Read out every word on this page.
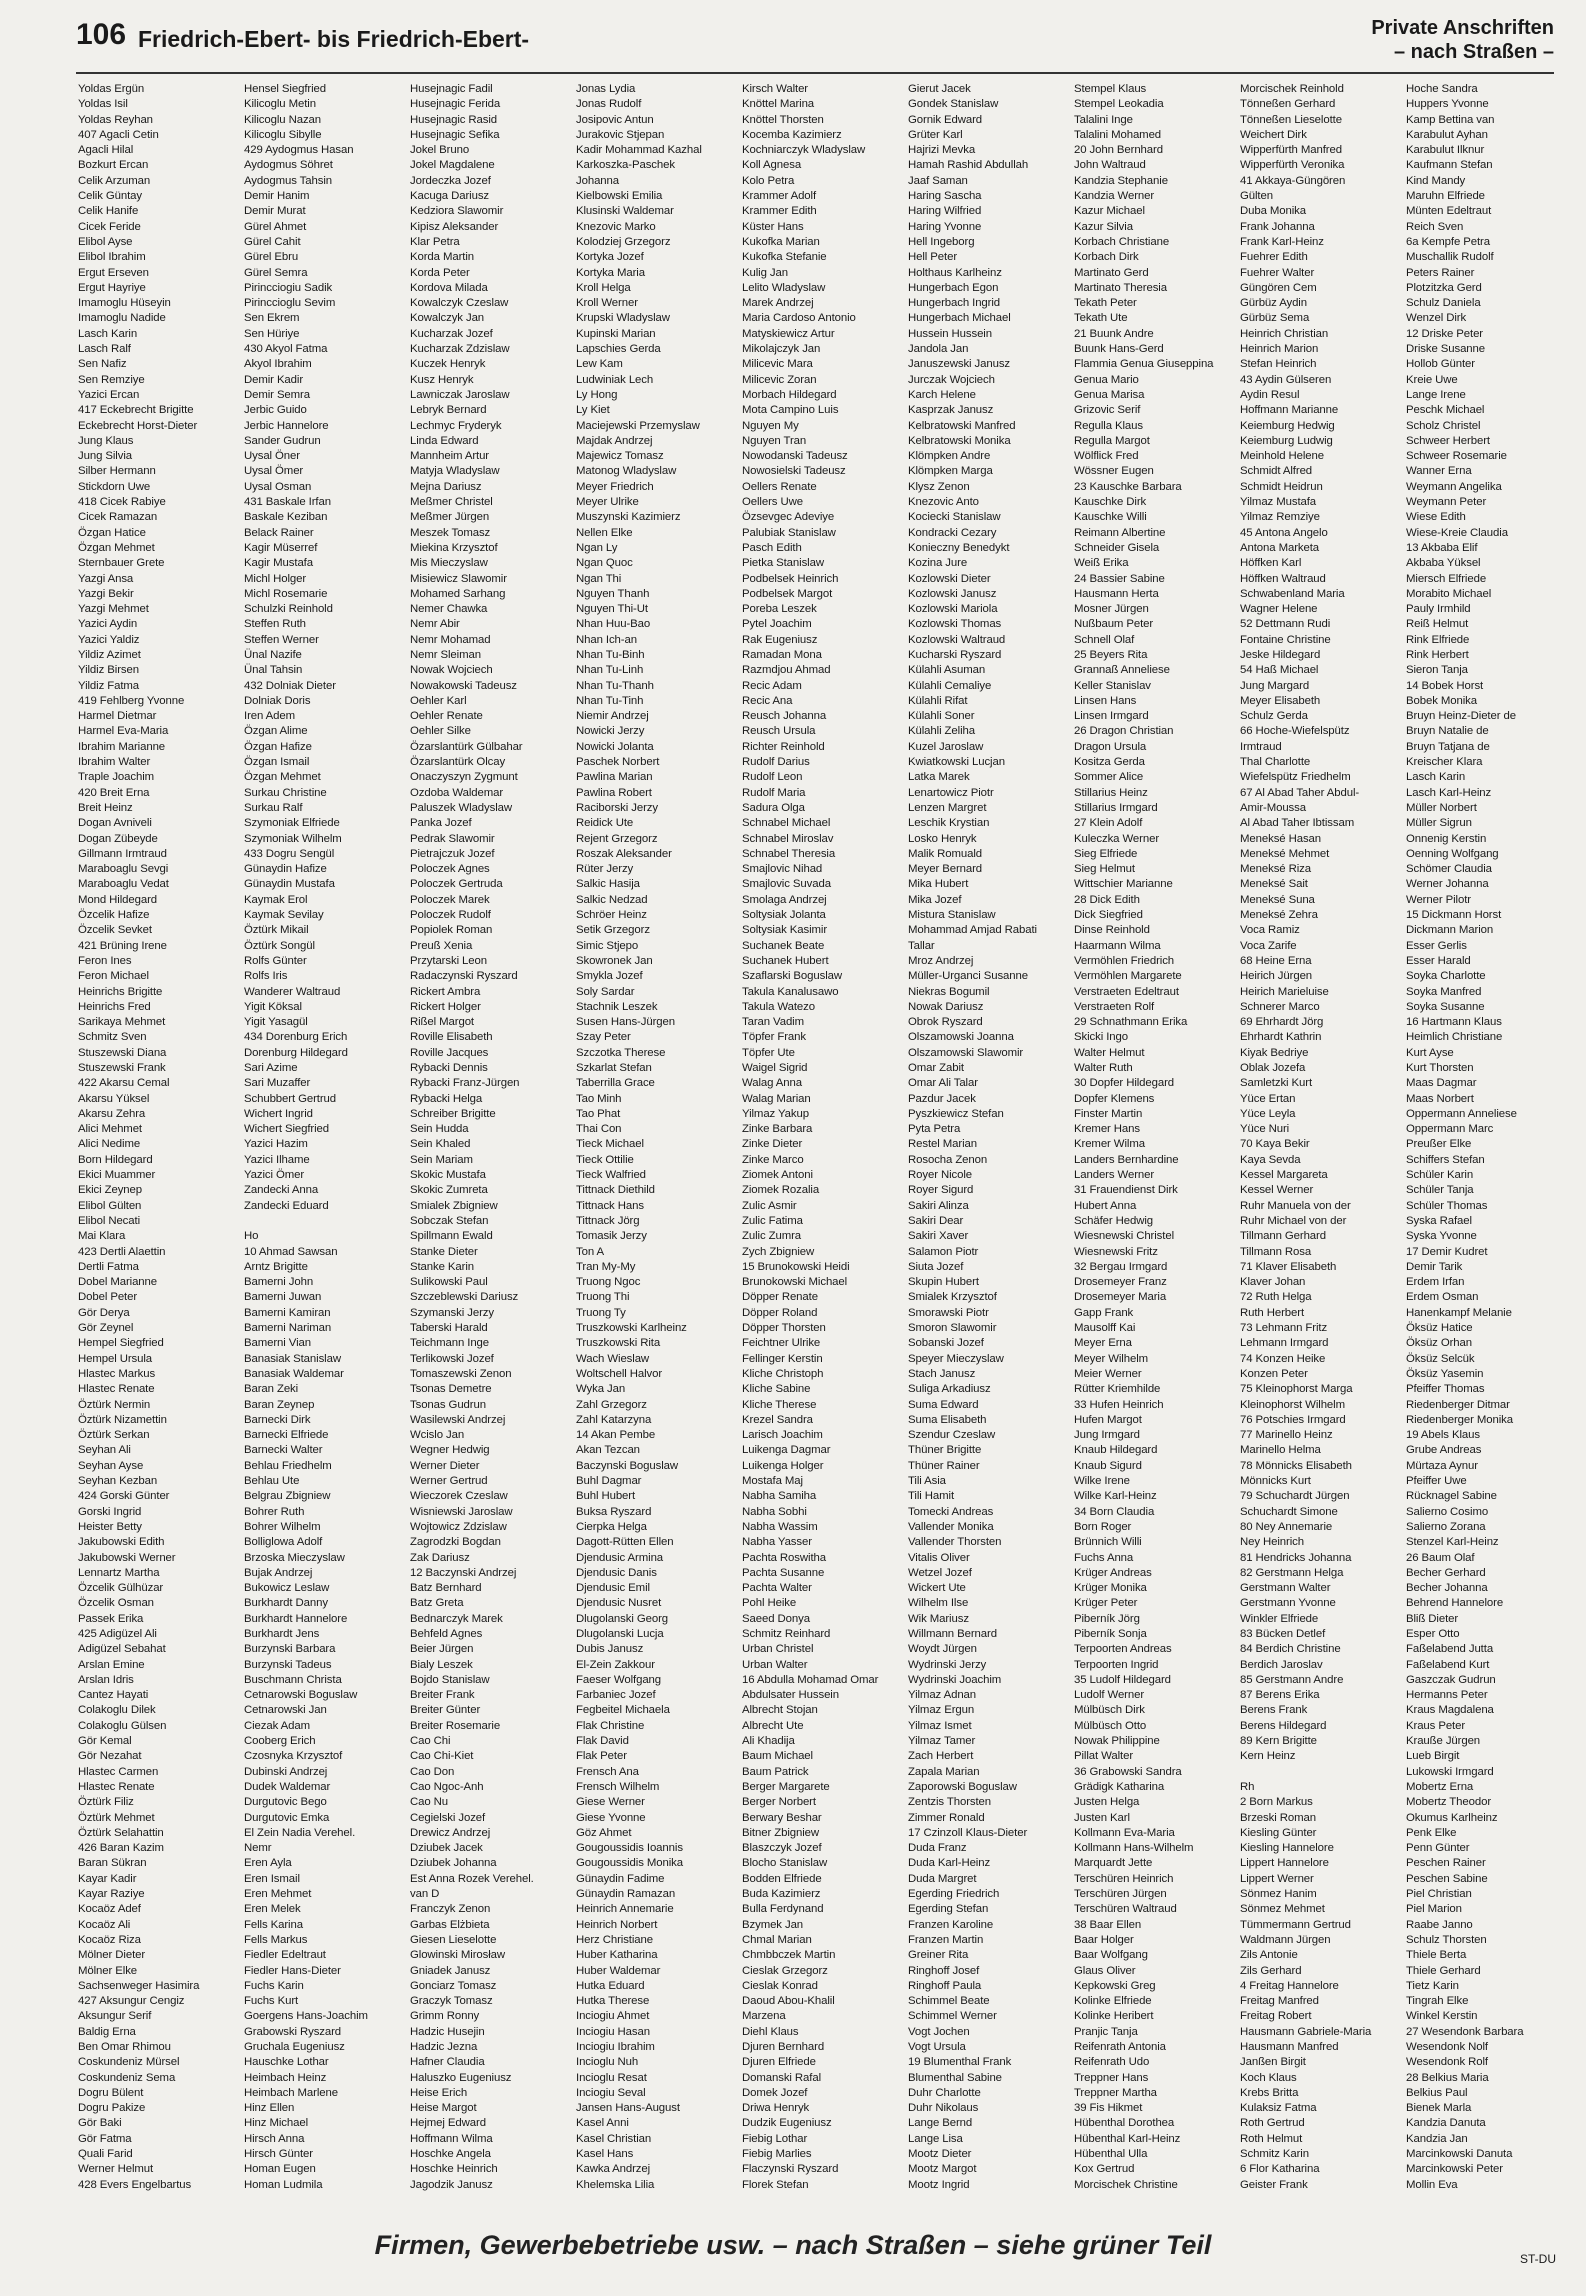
106 Friedrich-Ebert- bis Friedrich-Ebert-	Private Anschriften
– nach Straßen –
Yoldas Ergün
Yoldas Isil
Yoldas Reyhan
407 Agacli Cetin
Agacli Hilal
Bozkurt Ercan
Celik Arzuman
Celik Güntay
Celik Hanife
Cicek Feride
Elibol Ayse
Elibol Ibrahim
Ergut Erseven
Ergut Hayriye
Imamoglu Hüseyin
Imamoglu Nadide
Lasch Karin
Lasch Ralf
Sen Nafiz
Sen Remziye
Yazici Ercan
417 Eckebrecht Brigitte
Eckebrecht Horst-Dieter
Jung Klaus
Jung Silvia
Silber Hermann
Stickdorn Uwe
418 Cicek Rabiye
Cicek Ramazan
Özgan Hatice
Özgan Mehmet
Sternbauer Grete
Yazgi Ansa
Yazgi Bekir
Yazgi Mehmet
Yazici Aydin
Yazici Yaldiz
Yildiz Azimet
Yildiz Birsen
Yildiz Fatma
419 Fehlberg Yvonne
Harmel Dietmar
Harmel Eva-Maria
Ibrahim Marianne
Ibrahim Walter
Traple Joachim
420 Breit Erna
Breit Heinz
Dogan Avniveli
Dogan Zübeyde
Gillmann Irmtraud
Maraboaglu Sevgi
Maraboaglu Vedat
Mond Hildegard
Özcelik Hafize
Özcelik Sevket
421 Brüning Irene
Feron Ines
Feron Michael
Heinrichs Brigitte
Heinrichs Fred
Sarikaya Mehmet
Schmitz Sven
Stuszewski Diana
Stuszewski Frank
422 Akarsu Cemal
Akarsu Yüksel
Akarsu Zehra
Alici Mehmet
Alici Nedime
Born Hildegard
Ekici Muammer
Ekici Zeynep
Elibol Gülten
Elibol Necati
Mai Klara
423 Dertli Alaettin
Dertli Fatma
Dobel Marianne
Dobel Peter
Gör Derya
Gör Zeynel
Hempel Siegfried
Hempel Ursula
Hlastec Markus
Hlastec Renate
Öztürk Nermin
Öztürk Nizamettin
Öztürk Serkan
Seyhan Ali
Seyhan Ayse
Seyhan Kezban
424 Gorski Günter
Gorski Ingrid
Heister Betty
Jakubowski Edith
Jakubowski Werner
Lennartz Martha
Özcelik Gülhüzar
Özcelik Osman
Passek Erika
425 Adigüzel Ali
Adigüzel Sebahat
Arslan Emine
Arslan Idris
Cantez Hayati
Colakoglu Dilek
Colakoglu Gülsen
Gör Kemal
Gör Nezahat
Hlastec Carmen
Hlastec Renate
Öztürk Filiz
Öztürk Mehmet
Öztürk Selahattin
426 Baran Kazim
Baran Sükran
Kayar Kadir
Kayar Raziye
Kocaöz Adef
Kocaöz Ali
Kocaöz Riza
Mölner Dieter
Mölner Elke
Sachsenweger Hasimira
427 Aksungur Cengiz
Aksungur Serif
Baldig Erna
Ben Omar Rhimou
Coskundeniz Mürsel
Coskundeniz Sema
Dogru Bülent
Dogru Pakize
Gör Baki
Gör Fatma
Quali Farid
Werner Helmut
428 Evers Engelbartus
Hensel Siegfried
Kilicoglu Metin
Kilicoglu Nazan
Kilicoglu Sibylle
429 Aydogmus Hasan
Aydogmus Söhret
Aydogmus Tahsin
Demir Hanim
Demir Murat
Gürel Ahmet
Gürel Cahit
Gürel Ebru
Gürel Semra
Pirincciogiu Sadik
Pirinccioglu Sevim
Sen Ekrem
Sen Hüriye
430 Akyol Fatma
Akyol Ibrahim
Demir Kadir
Demir Semra
Jerbic Guido
Jerbic Hannelore
Sander Gudrun
Uysal Öner
Uysal Ömer
Uysal Osman
431 Baskale Irfan
Baskale Keziban
Belack Rainer
Kagir Müserref
Kagir Mustafa
Michl Holger
Michl Rosemarie
Schulzki Reinhold
Steffen Ruth
Steffen Werner
Ünal Nazife
Ünal Tahsin
432 Dolniak Dieter
Dolniak Doris
Iren Adem
Özgan Alime
Özgan Hafize
Özgan Ismail
Özgan Mehmet
Surkau Christine
Surkau Ralf
Szymoniak Elfriede
Szymoniak Wilhelm
433 Dogru Sengül
Günaydin Hafize
Günaydin Mustafa
Kaymak Erol
Kaymak Sevilay
Öztürk Mikail
Öztürk Songül
Rolfs Günter
Rolfs Iris
Wanderer Waltraud
Yigit Köksal
Yigit Yasagül
434 Dorenburg Erich
Dorenburg Hildegard
Sari Azime
Sari Muzaffer
Schubbert Gertrud
Wichert Ingrid
Wichert Siegfried
Yazici Hazim
Yazici Ilhame
Yazici Ömer
Zandecki Anna
Zandecki Eduard

Ho
10 Ahmad Sawsan
Arntz Brigitte
Bamerni John
Bamerni Juwan
Bamerni Kamiran
Bamerni Nariman
Bamerni Vian
Banasiak Stanislaw
Banasiak Waldemar
Baran Zeki
Baran Zeynep
Barnecki Dirk
Barnecki Elfriede
Barnecki Walter
Behlau Friedhelm
Behlau Ute
Belgrau Zbigniew
Bohrer Ruth
Bohrer Wilhelm
Bolliglowa Adolf
Brzoska Mieczyslaw
Bujak Andrzej
Bukowicz Leslaw
Burkhardt Danny
Burkhardt Hannelore
Burkhardt Jens
Burzynski Barbara
Burzynski Tadeus
Buschmann Christa
Cetnarowski Boguslaw
Cetnarowski Jan
Ciezak Adam
Cooberg Erich
Czosnyka Krzysztof
Dubinski Andrzej
Dudek Waldemar
Durgutovic Bego
Durgutovic Emka
El Zein Nadia Verehel.
Nemr
Eren Ayla
Eren Ismail
Eren Mehmet
Eren Melek
Fells Karina
Fells Markus
Fiedler Edeltraut
Fiedler Hans-Dieter
Fuchs Karin
Fuchs Kurt
Goergens Hans-Joachim
Grabowski Ryszard
Gruchala Eugeniusz
Hauschke Lothar
Heimbach Heinz
Heimbach Marlene
Hinz Ellen
Hinz Michael
Hirsch Anna
Hirsch Günter
Homan Eugen
Homan Ludmila
Husejnagic Fadil
Husejnagic Ferida
Husejnagic Rasid
Husejnagic Sefika
Jokel Bruno
Jokel Magdalene
Jordeczka Jozef
Kacuga Dariusz
Kedziora Slawomir
Kipisz Aleksander
Klar Petra
Korda Martin
Korda Peter
Kordova Milada
Kowalczyk Czeslaw
Kowalczyk Jan
Kucharzak Jozef
Kucharzak Zdzislaw
Kuczek Henryk
Kusz Henryk
Lawniczak Jaroslaw
Lebryk Bernard
Lechmyc Fryderyk
Linda Edward
Mannheim Artur
Matyja Wladyslaw
Mejna Dariusz
Meßmer Christel
Meßmer Jürgen
Meszek Tomasz
Miekina Krzysztof
Mis Mieczyslaw
Misiewicz Slawomir
Mohamed Sarhang
Nemer Chawka
Nemr Abir
Nemr Mohamad
Nemr Sleiman
Nowak Wojciech
Nowakowski Tadeusz
Oehler Karl
Oehler Renate
Oehler Silke
Özarslantürk Gülbahar
Özarslantürk Olcay
Onaczyszyn Zygmunt
Ozdoba Waldemar
Paluszek Wladyslaw
Panka Jozef
Pedrak Slawomir
Pietrajczuk Jozef
Poloczek Agnes
Poloczek Gertruda
Poloczek Marek
Poloczek Rudolf
Popiolek Roman
Preuß Xenia
Przytarski Leon
Radaczynski Ryszard
Rickert Ambra
Rickert Holger
Rißel Margot
Roville Elisabeth
Roville Jacques
Rybacki Dennis
Rybacki Franz-Jürgen
Rybacki Helga
Schreiber Brigitte
Sein Hudda
Sein Khaled
Sein Mariam
Skokic Mustafa
Skokic Zumreta
Smialek Zbigniew
Sobczak Stefan
Spillmann Ewald
Stanke Dieter
Stanke Karin
Sulikowski Paul
Szczeblewski Dariusz
Szymanski Jerzy
Taberski Harald
Teichmann Inge
Terlikowski Jozef
Tomaszewski Zenon
Tsonas Demetre
Tsonas Gudrun
Wasilewski Andrzej
Wcislo Jan
Wegner Hedwig
Werner Dieter
Werner Gertrud
Wieczorek Czeslaw
Wisniewski Jaroslaw
Wojtowicz Zdzislaw
Zagrodzki Bogdan
Zak Dariusz
12 Baczynski Andrzej
Batz Bernhard
Batz Greta
Bednarczyk Marek
Behfeld Agnes
Beier Jürgen
Bialy Leszek
Bojdo Stanislaw
Breiter Frank
Breiter Günter
Breiter Rosemarie
Cao Chi
Cao Chi-Kiet
Cao Don
Cao Ngoc-Anh
Cao Nu
Cegielski Jozef
Drewicz Andrzej
Dziubek Jacek
Dziubek Johanna
Est Anna Rozek Verehel.
van D
Franczyk Zenon
Garbas Elżbieta
Giesen Lieselotte
Glowinski Mirosław
Gniadek Janusz
Gonciarz Tomasz
Graczyk Tomasz
Grimm Ronny
Hadzic Husejin
Hadzic Jezna
Hafner Claudia
Haluszko Eugeniusz
Heise Erich
Heise Margot
Hejmej Edward
Hoffmann Wilma
Hoschke Angela
Hoschke Heinrich
Jagodzik Janusz
Jonas Lydia
Jonas Rudolf
Josipovic Antun
Jurakovic Stjepan
Kadir Mohammad Kazhal
Karkoszka-Paschek
Johanna
Kielbowski Emilia
Klusinski Waldemar
Knezovic Marko
Kolodziej Grzegorz
Kortyka Jozef
Kortyka Maria
Kroll Helga
Kroll Werner
Krupski Wladyslaw
Kupinski Marian
Lapschies Gerda
Lew Kam
Ludwiniak Lech
Ly Hong
Ly Kiet
Maciejewski Przemyslaw
Majdak Andrzej
Majewicz Tomasz
Matonog Wladyslaw
Meyer Friedrich
Meyer Ulrike
Muszynski Kazimierz
Nellen Elke
Ngan Ly
Ngan Quoc
Ngan Thi
Nguyen Thanh
Nguyen Thi-Ut
Nhan Huu-Bao
Nhan Ich-an
Nhan Tu-Binh
Nhan Tu-Linh
Nhan Tu-Thanh
Nhan Tu-Tinh
Niemir Andrzej
Nowicki Jerzy
Nowicki Jolanta
Paschek Norbert
Pawlina Marian
Pawlina Robert
Raciborski Jerzy
Reidick Ute
Rejent Grzegorz
Roszak Aleksander
Rüter Jerzy
Salkic Hasija
Salkic Nedzad
Schröer Heinz
Setik Grzegorz
Simic Stjepo
Skowronek Jan
Smykla Jozef
Soly Sardar
Stachnik Leszek
Susen Hans-Jürgen
Szay Peter
Szczotka Therese
Szkarlat Stefan
Taberrilla Grace
Tao Minh
Tao Phat
Thai Con
Tieck Michael
Tieck Ottilie
Tieck Walfried
Tittnack Diethild
Tittnack Hans
Tittnack Jörg
Tomasik Jerzy
Ton A
Tran My-My
Truong Ngoc
Truong Thi
Truong Ty
Truszkowski Karlheinz
Truszkowski Rita
Wach Wieslaw
Woltschell Halvor
Wyka Jan
Zahl Grzegorz
Zahl Katarzyna
14 Akan Pembe
Akan Tezcan
Baczynski Boguslaw
Buhl Dagmar
Buhl Hubert
Buksa Ryszard
Cierpka Helga
Dagott-Rütten Ellen
Djendusic Armina
Djendusic Danis
Djendusic Emil
Djendusic Nusret
Dlugolanski Georg
Dlugolanski Lucja
Dubis Janusz
El-Zein Zakkour
Faeser Wolfgang
Farbaniec Jozef
Fegbeitel Michaela
Flak Christine
Flak David
Flak Peter
Frensch Ana
Frensch Wilhelm
Giese Werner
Giese Yvonne
Göz Ahmet
Gougoussidis Ioannis
Gougoussidis Monika
Günaydin Fadime
Günaydin Ramazan
Heinrich Annemarie
Heinrich Norbert
Herz Christiane
Huber Katharina
Huber Waldemar
Hutka Eduard
Hutka Therese
Inciogiu Ahmet
Inciogiu Hasan
Inciogiu Ibrahim
Incioglu Nuh
Incioglu Resat
Inciogiu Seval
Jansen Hans-August
Kasel Anni
Kasel Christian
Kasel Hans
Kawka Andrzej
Khelemska Lilia
Kirsch Walter
Knöttel Marina
Knöttel Thorsten
Kocemba Kazimierz
Kochniarczyk Wladyslaw
Koll Agnesa
Kolo Petra
Krammer Adolf
Krammer Edith
Küster Hans
Kukofka Marian
Kukofka Stefanie
Kulig Jan
Lelito Wladyslaw
Marek Andrzej
Maria Cardoso Antonio
Matyskiewicz Artur
Mikolajczyk Jan
Milicevic Mara
Milicevic Zoran
Morbach Hildegard
Mota Campino Luis
Nguyen My
Nguyen Tran
Nowodanski Tadeusz
Nowosielski Tadeusz
Oellers Renate
Oellers Uwe
Özsevgec Adeviye
Palubiak Stanislaw
Pasch Edith
Pietka Stanislaw
Podbelsek Heinrich
Podbelsek Margot
Poreba Leszek
Pytel Joachim
Rak Eugeniusz
Ramadan Mona
Razmdjou Ahmad
Recic Adam
Recic Ana
Reusch Johanna
Reusch Ursula
Richter Reinhold
Rudolf Darius
Rudolf Leon
Rudolf Maria
Sadura Olga
Schnabel Michael
Schnabel Miroslav
Schnabel Theresia
Smajlovic Nihad
Smajlovic Suvada
Smolaga Andrzej
Soltysiak Jolanta
Soltysiak Kasimir
Suchanek Beate
Suchanek Hubert
Szaflarski Boguslaw
Takula Kanalusawo
Takula Watezo
Taran Vadim
Töpfer Frank
Töpfer Ute
Waigel Sigrid
Walag Anna
Walag Marian
Yilmaz Yakup
Zinke Barbara
Zinke Dieter
Zinke Marco
Ziomek Antoni
Ziomek Rozalia
Zulic Asmir
Zulic Fatima
Zulic Zumra
Zych Zbigniew
15 Brunokowski Heidi
Brunokowski Michael
Döpper Renate
Döpper Roland
Döpper Thorsten
Feichtner Ulrike
Fellinger Kerstin
Kliche Christoph
Kliche Sabine
Kliche Therese
Krezel Sandra
Larisch Joachim
Luikenga Dagmar
Luikenga Holger
Mostafa Maj
Nabha Samiha
Nabha Sobhi
Nabha Wassim
Nabha Yasser
Pachta Roswitha
Pachta Susanne
Pachta Walter
Pohl Heike
Saeed Donya
Schmitz Reinhard
Urban Christel
Urban Walter
16 Abdulla Mohamad Omar
Abdulsater Hussein
Albrecht Stojan
Albrecht Ute
Ali Khadija
Baum Michael
Baum Patrick
Berger Margarete
Berger Norbert
Berwary Beshar
Bitner Zbigniew
Blaszczyk Jozef
Blocho Stanislaw
Bodden Elfriede
Buda Kazimierz
Bulla Ferdynand
Bzymek Jan
Chmal Marian
Chmbbczek Martin
Cieslak Grzegorz
Cieslak Konrad
Daoud Abou-Khalil
Marzena
Diehl Klaus
Djuren Bernhard
Djuren Elfriede
Domanski Rafal
Domek Jozef
Driwa Henryk
Dudzik Eugeniusz
Fiebig Lothar
Fiebig Marlies
Flaczynski Ryszard
Florek Stefan
Gierut Jacek
Gondek Stanislaw
Gornik Edward
Grüter Karl
Hajrizi Mevka
Hamah Rashid Abdullah
Jaaf Saman
Haring Sascha
Haring Wilfried
Haring Yvonne
Hell Ingeborg
Hell Peter
Holthaus Karlheinz
Hungerbach Egon
Hungerbach Ingrid
Hungerbach Michael
Hussein Hussein
Jandola Jan
Januszewski Janusz
Jurczak Wojciech
Karch Helene
Kasprzak Janusz
Kelbratowski Manfred
Kelbratowski Monika
Klömpken Andre
Klömpken Marga
Klysz Zenon
Knezovic Anto
Kociecki Stanislaw
Kondracki Cezary
Konieczny Benedykt
Kozina Jure
Kozlowski Dieter
Kozlowski Janusz
Kozlowski Mariola
Kozlowski Thomas
Kozlowski Waltraud
Kucharski Ryszard
Külahli Asuman
Külahli Cemaliye
Külahli Rifat
Külahli Soner
Külahli Zeliha
Kuzel Jaroslaw
Kwiatkowski Lucjan
Latka Marek
Lenartowicz Piotr
Lenzen Margret
Leschik Krystian
Losko Henryk
Malik Romuald
Meyer Bernard
Mika Hubert
Mika Jozef
Mistura Stanislaw
Mohammad Amjad Rabati
Tallar
Mroz Andrzej
Müller-Urganci Susanne
Niekras Bogumil
Nowak Dariusz
Obrok Ryszard
Olszamowski Joanna
Olszamowski Slawomir
Omar Zabit
Omar Ali Talar
Pazdur Jacek
Pyszkiewicz Stefan
Pyta Petra
Restel Marian
Rosocha Zenon
Royer Nicole
Royer Sigurd
Sakiri Alinza
Sakiri Dear
Sakiri Xaver
Salamon Piotr
Siuta Jozef
Skupin Hubert
Smialek Krzysztof
Smorawski Piotr
Smoron Slawomir
Sobanski Jozef
Speyer Mieczyslaw
Stach Janusz
Suliga Arkadiusz
Suma Edward
Suma Elisabeth
Szendur Czeslaw
Thüner Brigitte
Thüner Rainer
Tili Asia
Tili Hamit
Tomecki Andreas
Vallender Monika
Vallender Thorsten
Vitalis Oliver
Wetzel Jozef
Wickert Ute
Wilhelm Ilse
Wik Mariusz
Willmann Bernard
Woydt Jürgen
Wydrinski Jerzy
Wydrinski Joachim
Yilmaz Adnan
Yilmaz Ergun
Yilmaz Ismet
Yilmaz Tamer
Zach Herbert
Zapala Marian
Zaporowski Boguslaw
Zentzis Thorsten
Zimmer Ronald
17 Czinzoll Klaus-Dieter
Duda Franz
Duda Karl-Heinz
Duda Margret
Egerding Friedrich
Egerding Stefan
Franzen Karoline
Franzen Martin
Greiner Rita
Ringhoff Josef
Ringhoff Paula
Schimmel Beate
Schimmel Werner
Vogt Jochen
Vogt Ursula
19 Blumenthal Frank
Blumenthal Sabine
Duhr Charlotte
Duhr Nikolaus
Lange Bernd
Lange Lisa
Mootz Dieter
Mootz Margot
Mootz Ingrid
Stempel Klaus
Stempel Leokadia
Talalini Inge
Talalini Mohamed
20 John Bernhard
John Waltraud
Kandzia Stephanie
Kandzia Werner
Kazur Michael
Kazur Silvia
Korbach Christiane
Korbach Dirk
Martinato Gerd
Martinato Theresia
Tekath Peter
Tekath Ute
21 Buunk Andre
Buunk Hans-Gerd
Flammia Genua Giuseppina
Genua Mario
Genua Marisa
Grizovic Serif
Regulla Klaus
Regulla Margot
Wölflick Fred
Wössner Eugen
23 Kauschke Barbara
Kauschke Dirk
Kauschke Willi
Reimann Albertine
Schneider Gisela
Weiß Erika
24 Bassier Sabine
Hausmann Herta
Mosner Jürgen
Nußbaum Peter
Schnell Olaf
25 Beyers Rita
Grannaß Anneliese
Keller Stanislav
Linsen Hans
Linsen Irmgard
26 Dragon Christian
Dragon Ursula
Kositza Gerda
Sommer Alice
Stillarius Heinz
Stillarius Irmgard
27 Klein Adolf
Kuleczka Werner
Sieg Elfriede
Sieg Helmut
Wittschier Marianne
28 Dick Edith
Dick Siegfried
Dinse Reinhold
Haarmann Wilma
Vermöhlen Friedrich
Vermöhlen Margarete
Verstraeten Edeltraut
Verstraeten Rolf
29 Schnathmann Erika
Skicki Ingo
Walter Helmut
Walter Ruth
30 Dopfer Hildegard
Dopfer Klemens
Finster Martin
Kremer Hans
Kremer Wilma
Landers Bernhardine
Landers Werner
31 Frauendienst Dirk
Hubert Anna
Schäfer Hedwig
Wiesnewski Christel
Wiesnewski Fritz
32 Bergau Irmgard
Drosemeyer Franz
Drosemeyer Maria
Gapp Frank
Mausolff Kai
Meyer Erna
Meyer Wilhelm
Meier Werner
Rütter Kriemhilde
33 Hufen Heinrich
Hufen Margot
Jung Irmgard
Knaub Hildegard
Knaub Sigurd
Wilke Irene
Wilke Karl-Heinz
34 Born Claudia
Born Roger
Brünnich Willi
Fuchs Anna
Krüger Andreas
Krüger Monika
Krüger Peter
Piberník Jörg
Piberník Sonja
Terpoorten Andreas
Terpoorten Ingrid
35 Ludolf Hildegard
Ludolf Werner
Mülbüsch Dirk
Mülbüsch Otto
Nowak Philippine
Pillat Walter
36 Grabowski Sandra
Grädigk Katharina
Justen Helga
Justen Karl
Kollmann Eva-Maria
Kollmann Hans-Wilhelm
Marquardt Jette
Terschüren Heinrich
Terschüren Jürgen
Terschüren Waltraud
38 Baar Ellen
Baar Holger
Baar Wolfgang
Glaus Oliver
Kepkowski Greg
Kolinke Elfriede
Kolinke Heribert
Pranjic Tanja
Reifenrath Antonia
Reifenrath Udo
Treppner Hans
Treppner Martha
39 Fis Hikmet
Hübenthal Dorothea
Hübenthal Karl-Heinz
Hübenthal Ulla
Kox Gertrud
Morcischek Christine
Morcischek Reinhold
Tönneßen Gerhard
Tönneßen Lieselotte
Weichert Dirk
Wipperfürth Manfred
Wipperfürth Veronika
41 Akkaya-Güngören
Gülten
Duba Monika
Frank Johanna
Frank Karl-Heinz
Fuehrer Edith
Fuehrer Walter
Güngören Cem
Gürbüz Aydin
Gürbüz Sema
Heinrich Christian
Heinrich Marion
Stefan Heinrich
43 Aydin Gülseren
Aydin Resul
Hoffmann Marianne
Keiemburg Hedwig
Keiemburg Ludwig
Meinhold Helene
Schmidt Alfred
Schmidt Heidrun
Yilmaz Mustafa
Yilmaz Remziye
45 Antona Angelo
Antona Marketa
Höffken Karl
Höffken Waltraud
Schwabenland Maria
Wagner Helene
52 Dettmann Rudi
Fontaine Christine
Jeske Hildegard
54 Haß Michael
Jung Margard
Meyer Elisabeth
Schulz Gerda
66 Hoche-Wiefelspütz
Irmtraud
Thal Charlotte
Wiefelspütz Friedhelm
67 Al Abad Taher Abdul-
Amir-Moussa
Al Abad Taher Ibtissam
Meneksé Hasan
Meneksé Mehmet
Meneksé Riza
Meneksé Sait
Meneksé Suna
Meneksé Zehra
Voca Ramiz
Voca Zarife
68 Heine Erna
Heirich Jürgen
Heirich Marieluise
Schnerer Marco
69 Ehrhardt Jörg
Ehrhardt Kathrin
Kiyak Bedriye
Oblak Jozefa
Samletzki Kurt
Yüce Ertan
Yüce Leyla
Yüce Nuri
70 Kaya Bekir
Kaya Sevda
Kessel Margareta
Kessel Werner
Ruhr Manuela von der
Ruhr Michael von der
Tillmann Gerhard
Tillmann Rosa
71 Klaver Elisabeth
Klaver Johan
72 Ruth Helga
Ruth Herbert
73 Lehmann Fritz
Lehmann Irmgard
74 Konzen Heike
Konzen Peter
75 Kleinophorst Marga
Kleinophorst Wilhelm
76 Potschies Irmgard
77 Marinello Heinz
Marinello Helma
78 Mönnicks Elisabeth
Mönnicks Kurt
79 Schuchardt Jürgen
Schuchardt Simone
80 Ney Annemarie
Ney Heinrich
81 Hendricks Johanna
82 Gerstmann Helga
Gerstmann Walter
Gerstmann Yvonne
Winkler Elfriede
83 Bücken Detlef
84 Berdich Christine
Berdich Jaroslav
85 Gerstmann Andre
87 Berens Erika
Berens Frank
Berens Hildegard
89 Kern Brigitte
Kern Heinz

Rh
2 Born Markus
Brzeski Roman
Kiesling Günter
Kiesling Hannelore
Lippert Hannelore
Lippert Werner
Sönmez Hanim
Sönmez Mehmet
Tümmermann Gertrud
Waldmann Jürgen
Zils Antonie
Zils Gerhard
4 Freitag Hannelore
Freitag Manfred
Freitag Robert
Hausmann Gabriele-Maria
Hausmann Manfred
Janßen Birgit
Koch Klaus
Krebs Britta
Kulaksiz Fatma
Roth Gertrud
Roth Helmut
Schmitz Karin
6 Flor Katharina
Geister Frank
Hoche Sandra
Huppers Yvonne
Kamp Bettina van
Karabulut Ayhan
Karabulut Ilknur
Kaufmann Stefan
Kind Mandy
Maruhn Elfriede
Münten Edeltraut
Reich Sven
6a Kempfe Petra
Muschallik Rudolf
Peters Rainer
Plotzitzka Gerd
Schulz Daniela
Wenzel Dirk
12 Driske Peter
Driske Susanne
Hollob Günter
Kreie Uwe
Lange Irene
Peschk Michael
Scholz Christel
Schweer Herbert
Schweer Rosemarie
Wanner Erna
Weymann Angelika
Weymann Peter
Wiese Edith
Wiese-Kreie Claudia
13 Akbaba Elif
Akbaba Yüksel
Miersch Elfriede
Morabito Michael
Pauly Irmhild
Reiß Helmut
Rink Elfriede
Rink Herbert
Sieron Tanja
14 Bobek Horst
Bobek Monika
Bruyn Heinz-Dieter de
Bruyn Natalie de
Bruyn Tatjana de
Kreischer Klara
Lasch Karin
Lasch Karl-Heinz
Müller Norbert
Müller Sigrun
Onnenig Kerstin
Oenning Wolfgang
Schömer Claudia
Werner Johanna
Werner Pilotr
15 Dickmann Horst
Dickmann Marion
Esser Gerlis
Esser Harald
Soyka Charlotte
Soyka Manfred
Soyka Susanne
16 Hartmann Klaus
Heimlich Christiane
Kurt Ayse
Kurt Thorsten
Maas Dagmar
Maas Norbert
Oppermann Anneliese
Oppermann Marc
Preußer Elke
Schiffers Stefan
Schüler Karin
Schüler Tanja
Schüler Thomas
Syska Rafael
Syska Yvonne
17 Demir Kudret
Demir Tarik
Erdem Irfan
Erdem Osman
Hanenkampf Melanie
Öksüz Hatice
Öksüz Orhan
Öksüz Selcük
Öksüz Yasemin
Pfeiffer Thomas
Riedenberger Ditmar
Riedenberger Monika
19 Abels Klaus
Grube Andreas
Mürtaza Aynur
Pfeiffer Uwe
Rücknagel Sabine
Salierno Cosimo
Salierno Zorana
Stenzel Karl-Heinz
26 Baum Olaf
Becher Gerhard
Becher Johanna
Behrend Hannelore
Bliß Dieter
Esper Otto
Faßelabend Jutta
Faßelabend Kurt
Gaszczak Gudrun
Hermanns Peter
Kraus Magdalena
Kraus Peter
Krauße Jürgen
Lueb Birgit
Lukowski Irmgard
Mobertz Erna
Mobertz Theodor
Okumus Karlheinz
Penk Elke
Penn Günter
Peschen Rainer
Peschen Sabine
Piel Christian
Piel Marion
Raabe Janno
Schulz Thorsten
Thiele Berta
Thiele Gerhard
Tietz Karin
Tingrah Elke
Winkel Kerstin
27 Wesendonk Barbara
Wesendonk Nolf
Wesendonk Rolf
28 Belkius Maria
Belkius Paul
Bienek Marla
Kandzia Danuta
Kandzia Jan
Marcinkowski Danuta
Marcinkowski Peter
Mollin Eva
Firmen, Gewerbebetriebe usw. – nach Straßen – siehe grüner Teil	ST-DU
